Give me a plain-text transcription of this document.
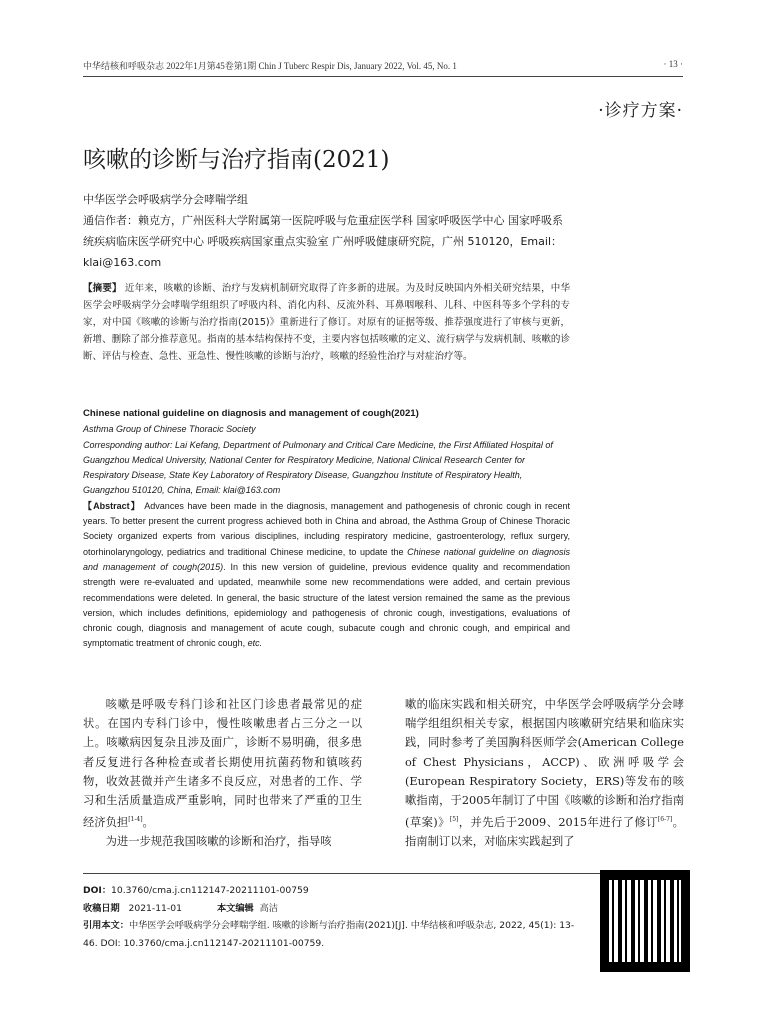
中华结核和呼吸杂志 2022年1月第45卷第1期 Chin J Tuberc Respir Dis, January 2022, Vol. 45, No. 1	· 13 ·
·诊疗方案·
咳嗽的诊断与治疗指南(2021)
中华医学会呼吸病学分会哮喘学组
通信作者：赖克方，广州医科大学附属第一医院呼吸与危重症医学科 国家呼吸医学中心 国家呼吸系统疾病临床医学研究中心 呼吸疾病国家重点实验室 广州呼吸健康研究院，广州 510120，Email：klai@163.com
【摘要】 近年来，咳嗽的诊断、治疗与发病机制研究取得了许多新的进展。为及时反映国内外相关研究结果，中华医学会呼吸病学分会哮喘学组组织了呼吸内科、消化内科、反流外科、耳鼻咽喉科、儿科、中医科等多个学科的专家，对中国《咳嗽的诊断与治疗指南(2015)》重新进行了修订。对原有的证据等级、推荐强度进行了审核与更新，新增、删除了部分推荐意见。指南的基本结构保持不变，主要内容包括咳嗽的定义、流行病学与发病机制、咳嗽的诊断、评估与检查、急性、亚急性、慢性咳嗽的诊断与治疗，咳嗽的经验性治疗与对症治疗等。
Chinese national guideline on diagnosis and management of cough(2021)
Asthma Group of Chinese Thoracic Society
Corresponding author: Lai Kefang, Department of Pulmonary and Critical Care Medicine, the First Affiliated Hospital of Guangzhou Medical University, National Center for Respiratory Medicine, National Clinical Research Center for Respiratory Disease, State Key Laboratory of Respiratory Disease, Guangzhou Institute of Respiratory Health, Guangzhou 510120, China, Email: klai@163.com
【Abstract】 Advances have been made in the diagnosis, management and pathogenesis of chronic cough in recent years. To better present the current progress achieved both in China and abroad, the Asthma Group of Chinese Thoracic Society organized experts from various disciplines, including respiratory medicine, gastroenterology, reflux surgery, otorhinolaryngology, pediatrics and traditional Chinese medicine, to update the Chinese national guideline on diagnosis and management of cough(2015). In this new version of guideline, previous evidence quality and recommendation strength were re-evaluated and updated, meanwhile some new recommendations were added, and certain previous recommendations were deleted. In general, the basic structure of the latest version remained the same as the previous version, which includes definitions, epidemiology and pathogenesis of chronic cough, investigations, evaluations of chronic cough, diagnosis and management of acute cough, subacute cough and chronic cough, and empirical and symptomatic treatment of chronic cough, etc.

咳嗽是呼吸专科门诊和社区门诊患者最常见的症状。在国内专科门诊中，慢性咳嗽患者占三分之一以上。咳嗽病因复杂且涉及面广，诊断不易明确，很多患者反复进行各种检查或者长期使用抗菌药物和镇咳药物，收效甚微并产生诸多不良反应，对患者的工作、学习和生活质量造成严重影响，同时也带来了严重的卫生经济负担[1-4]。

为进一步规范我国咳嗽的诊断和治疗，指导咳

嗽的临床实践和相关研究，中华医学会呼吸病学分会哮喘学组组织相关专家，根据国内咳嗽研究结果和临床实践，同时参考了美国胸科医师学会(American College of Chest Physicians，ACCP)、欧洲呼吸学会(European Respiratory Society，ERS)等发布的咳嗽指南，于2005年制订了中国《咳嗽的诊断和治疗指南(草案)》[5]，并先后于2009、2015年进行了修订[6-7]。指南制订以来，对临床实践起到了

DOI：10.3760/cma.j.cn112147-20211101-00759
收稿日期 2021-11-01	本文编辑 高洁
引用本文：中华医学会呼吸病学分会哮喘学组. 咳嗽的诊断与治疗指南(2021)[J]. 中华结核和呼吸杂志, 2022, 45(1): 13-46. DOI: 10.3760/cma.j.cn112147-20211101-00759.
